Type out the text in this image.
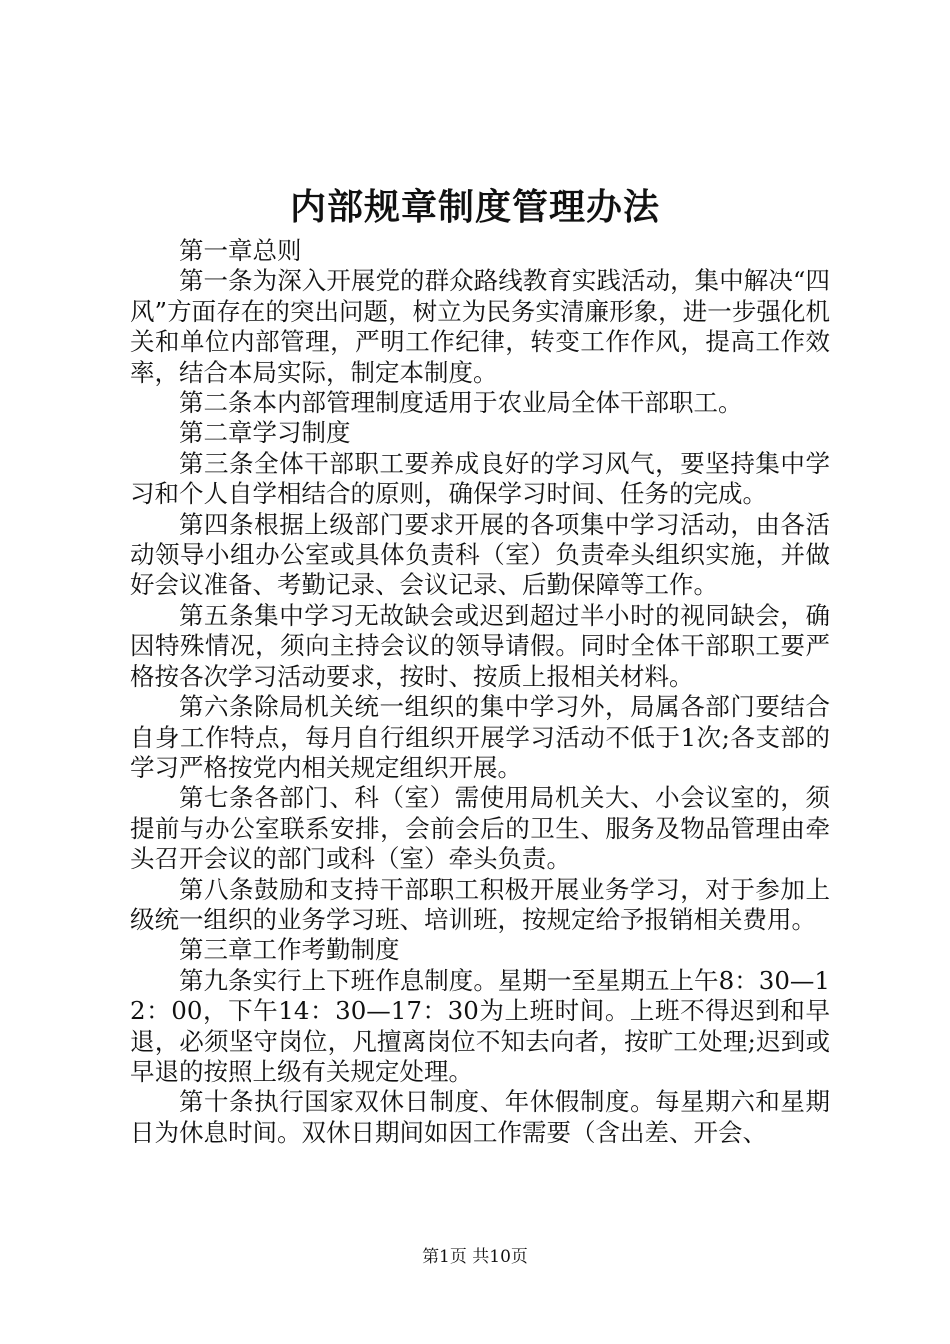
内部规章制度管理办法

第一章总则

第一条为深入开展党的群众路线教育实践活动，集中解决“四风”方面存在的突出问题，树立为民务实清廉形象，进一步强化机关和单位内部管理，严明工作纪律，转变工作作风，提高工作效率，结合本局实际，制定本制度。

第二条本内部管理制度适用于农业局全体干部职工。

第二章学习制度

第三条全体干部职工要养成良好的学习风气，要坚持集中学习和个人自学相结合的原则，确保学习时间、任务的完成。

第四条根据上级部门要求开展的各项集中学习活动，由各活动领导小组办公室或具体负责科（室）负责牵头组织实施，并做好会议准备、考勤记录、会议记录、后勤保障等工作。

第五条集中学习无故缺会或迟到超过半小时的视同缺会，确因特殊情况，须向主持会议的领导请假。同时全体干部职工要严格按各次学习活动要求，按时、按质上报相关材料。

第六条除局机关统一组织的集中学习外，局属各部门要结合自身工作特点，每月自行组织开展学习活动不低于1次;各支部的学习严格按党内相关规定组织开展。

第七条各部门、科（室）需使用局机关大、小会议室的，须提前与办公室联系安排，会前会后的卫生、服务及物品管理由牵头召开会议的部门或科（室）牵头负责。

第八条鼓励和支持干部职工积极开展业务学习，对于参加上级统一组织的业务学习班、培训班，按规定给予报销相关费用。

第三章工作考勤制度

第九条实行上下班作息制度。星期一至星期五上午8：30—12：00，下午14：30—17：30为上班时间。上班不得迟到和早退，必须坚守岗位，凡擅离岗位不知去向者，按旷工处理;迟到或早退的按照上级有关规定处理。

第十条执行国家双休日制度、年休假制度。每星期六和星期日为休息时间。双休日期间如因工作需要（含出差、开会、

第1页 共10页
